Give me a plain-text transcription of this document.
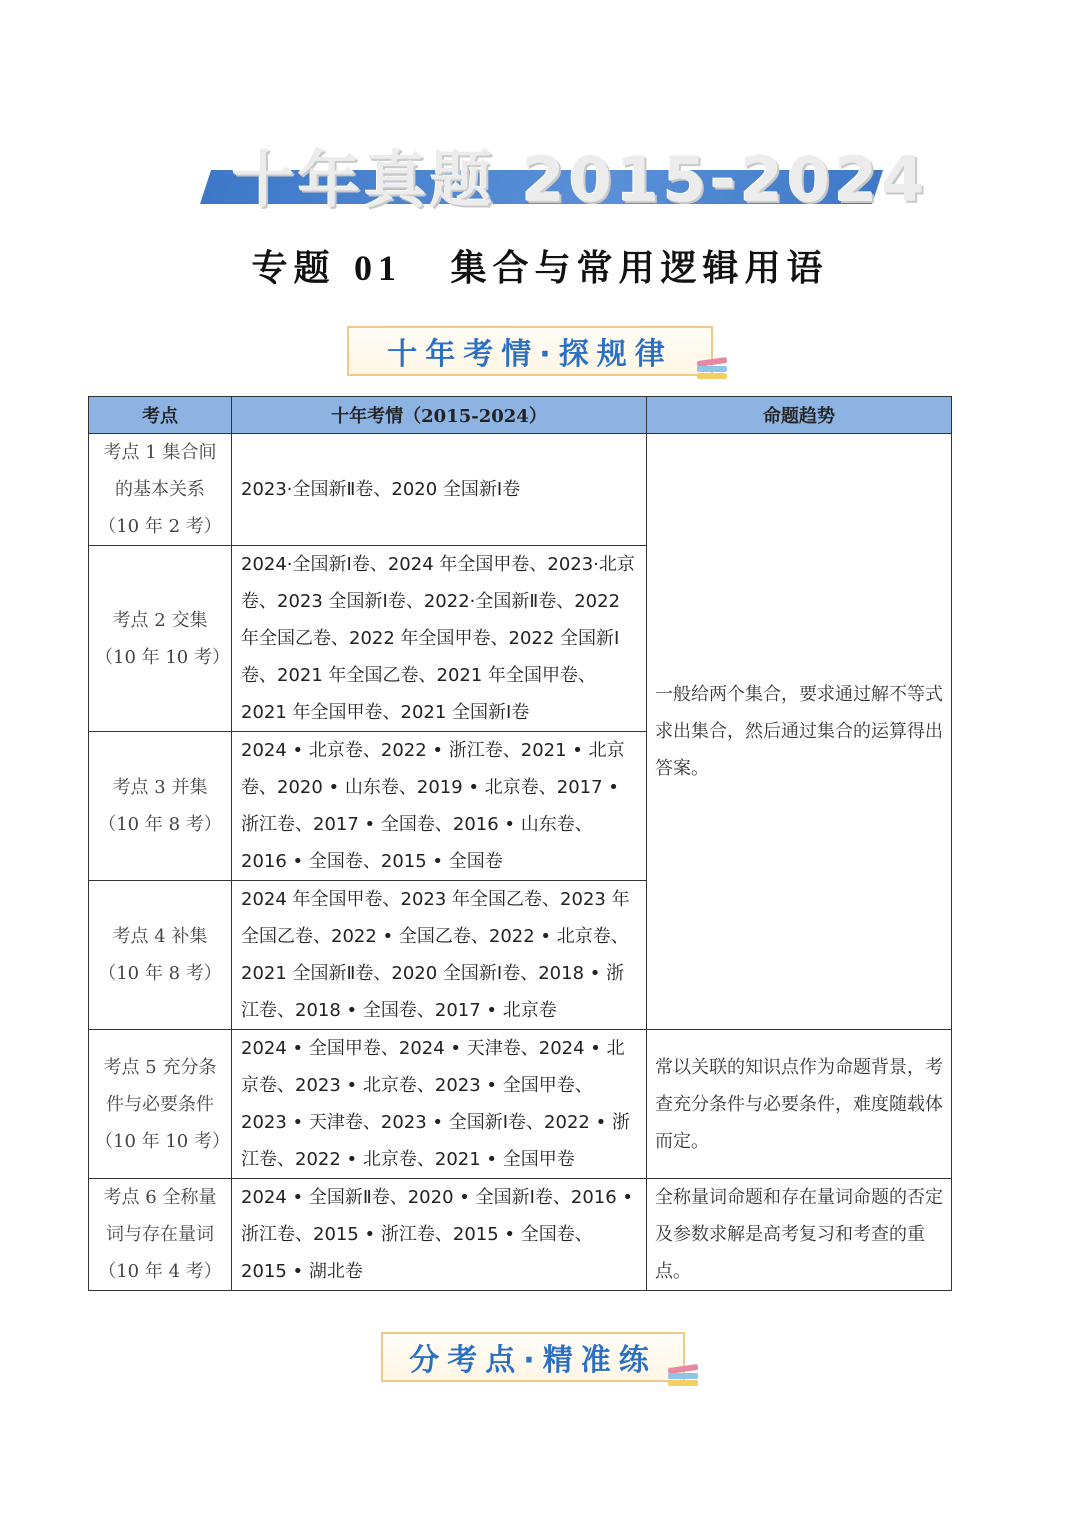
十年真题 2015-2024
专题 01 集合与常用逻辑用语
十年考情·探规律
考点	十年考情（2015-2024）	命题趋势
考点 1 集合间的基本关系（10 年 2 考）	2023·全国新Ⅱ卷、2020 全国新Ⅰ卷	一般给两个集合，要求通过解不等式求出集合，然后通过集合的运算得出答案。
考点 2 交集（10 年 10 考）	2024·全国新Ⅰ卷、2024 年全国甲卷、2023·北京卷、2023 全国新Ⅰ卷、2022·全国新Ⅱ卷、2022 年全国乙卷、2022 年全国甲卷、2022 全国新Ⅰ卷、2021 年全国乙卷、2021 年全国甲卷、2021 年全国甲卷、2021 全国新Ⅰ卷	
考点 3 并集（10 年 8 考）	2024 • 北京卷、2022 • 浙江卷、2021 • 北京卷、2020 • 山东卷、2019 • 北京卷、2017 • 浙江卷、2017 • 全国卷、2016 • 山东卷、2016 • 全国卷、2015 • 全国卷	
考点 4 补集（10 年 8 考）	2024 年全国甲卷、2023 年全国乙卷、2023 年全国乙卷、2022 • 全国乙卷、2022 • 北京卷、2021 全国新Ⅱ卷、2020 全国新Ⅰ卷、2018 • 浙江卷、2018 • 全国卷、2017 • 北京卷	
考点 5 充分条件与必要条件（10 年 10 考）	2024 • 全国甲卷、2024 • 天津卷、2024 • 北京卷、2023 • 北京卷、2023 • 全国甲卷、2023 • 天津卷、2023 • 全国新Ⅰ卷、2022 • 浙江卷、2022 • 北京卷、2021 • 全国甲卷	常以关联的知识点作为命题背景，考查充分条件与必要条件，难度随载体而定。
考点 6 全称量词与存在量词（10 年 4 考）	2024 • 全国新Ⅱ卷、2020 • 全国新Ⅰ卷、2016 • 浙江卷、2015 • 浙江卷、2015 • 全国卷、2015 • 湖北卷	全称量词命题和存在量词命题的否定及参数求解是高考复习和考查的重点。
分考点·精准练
